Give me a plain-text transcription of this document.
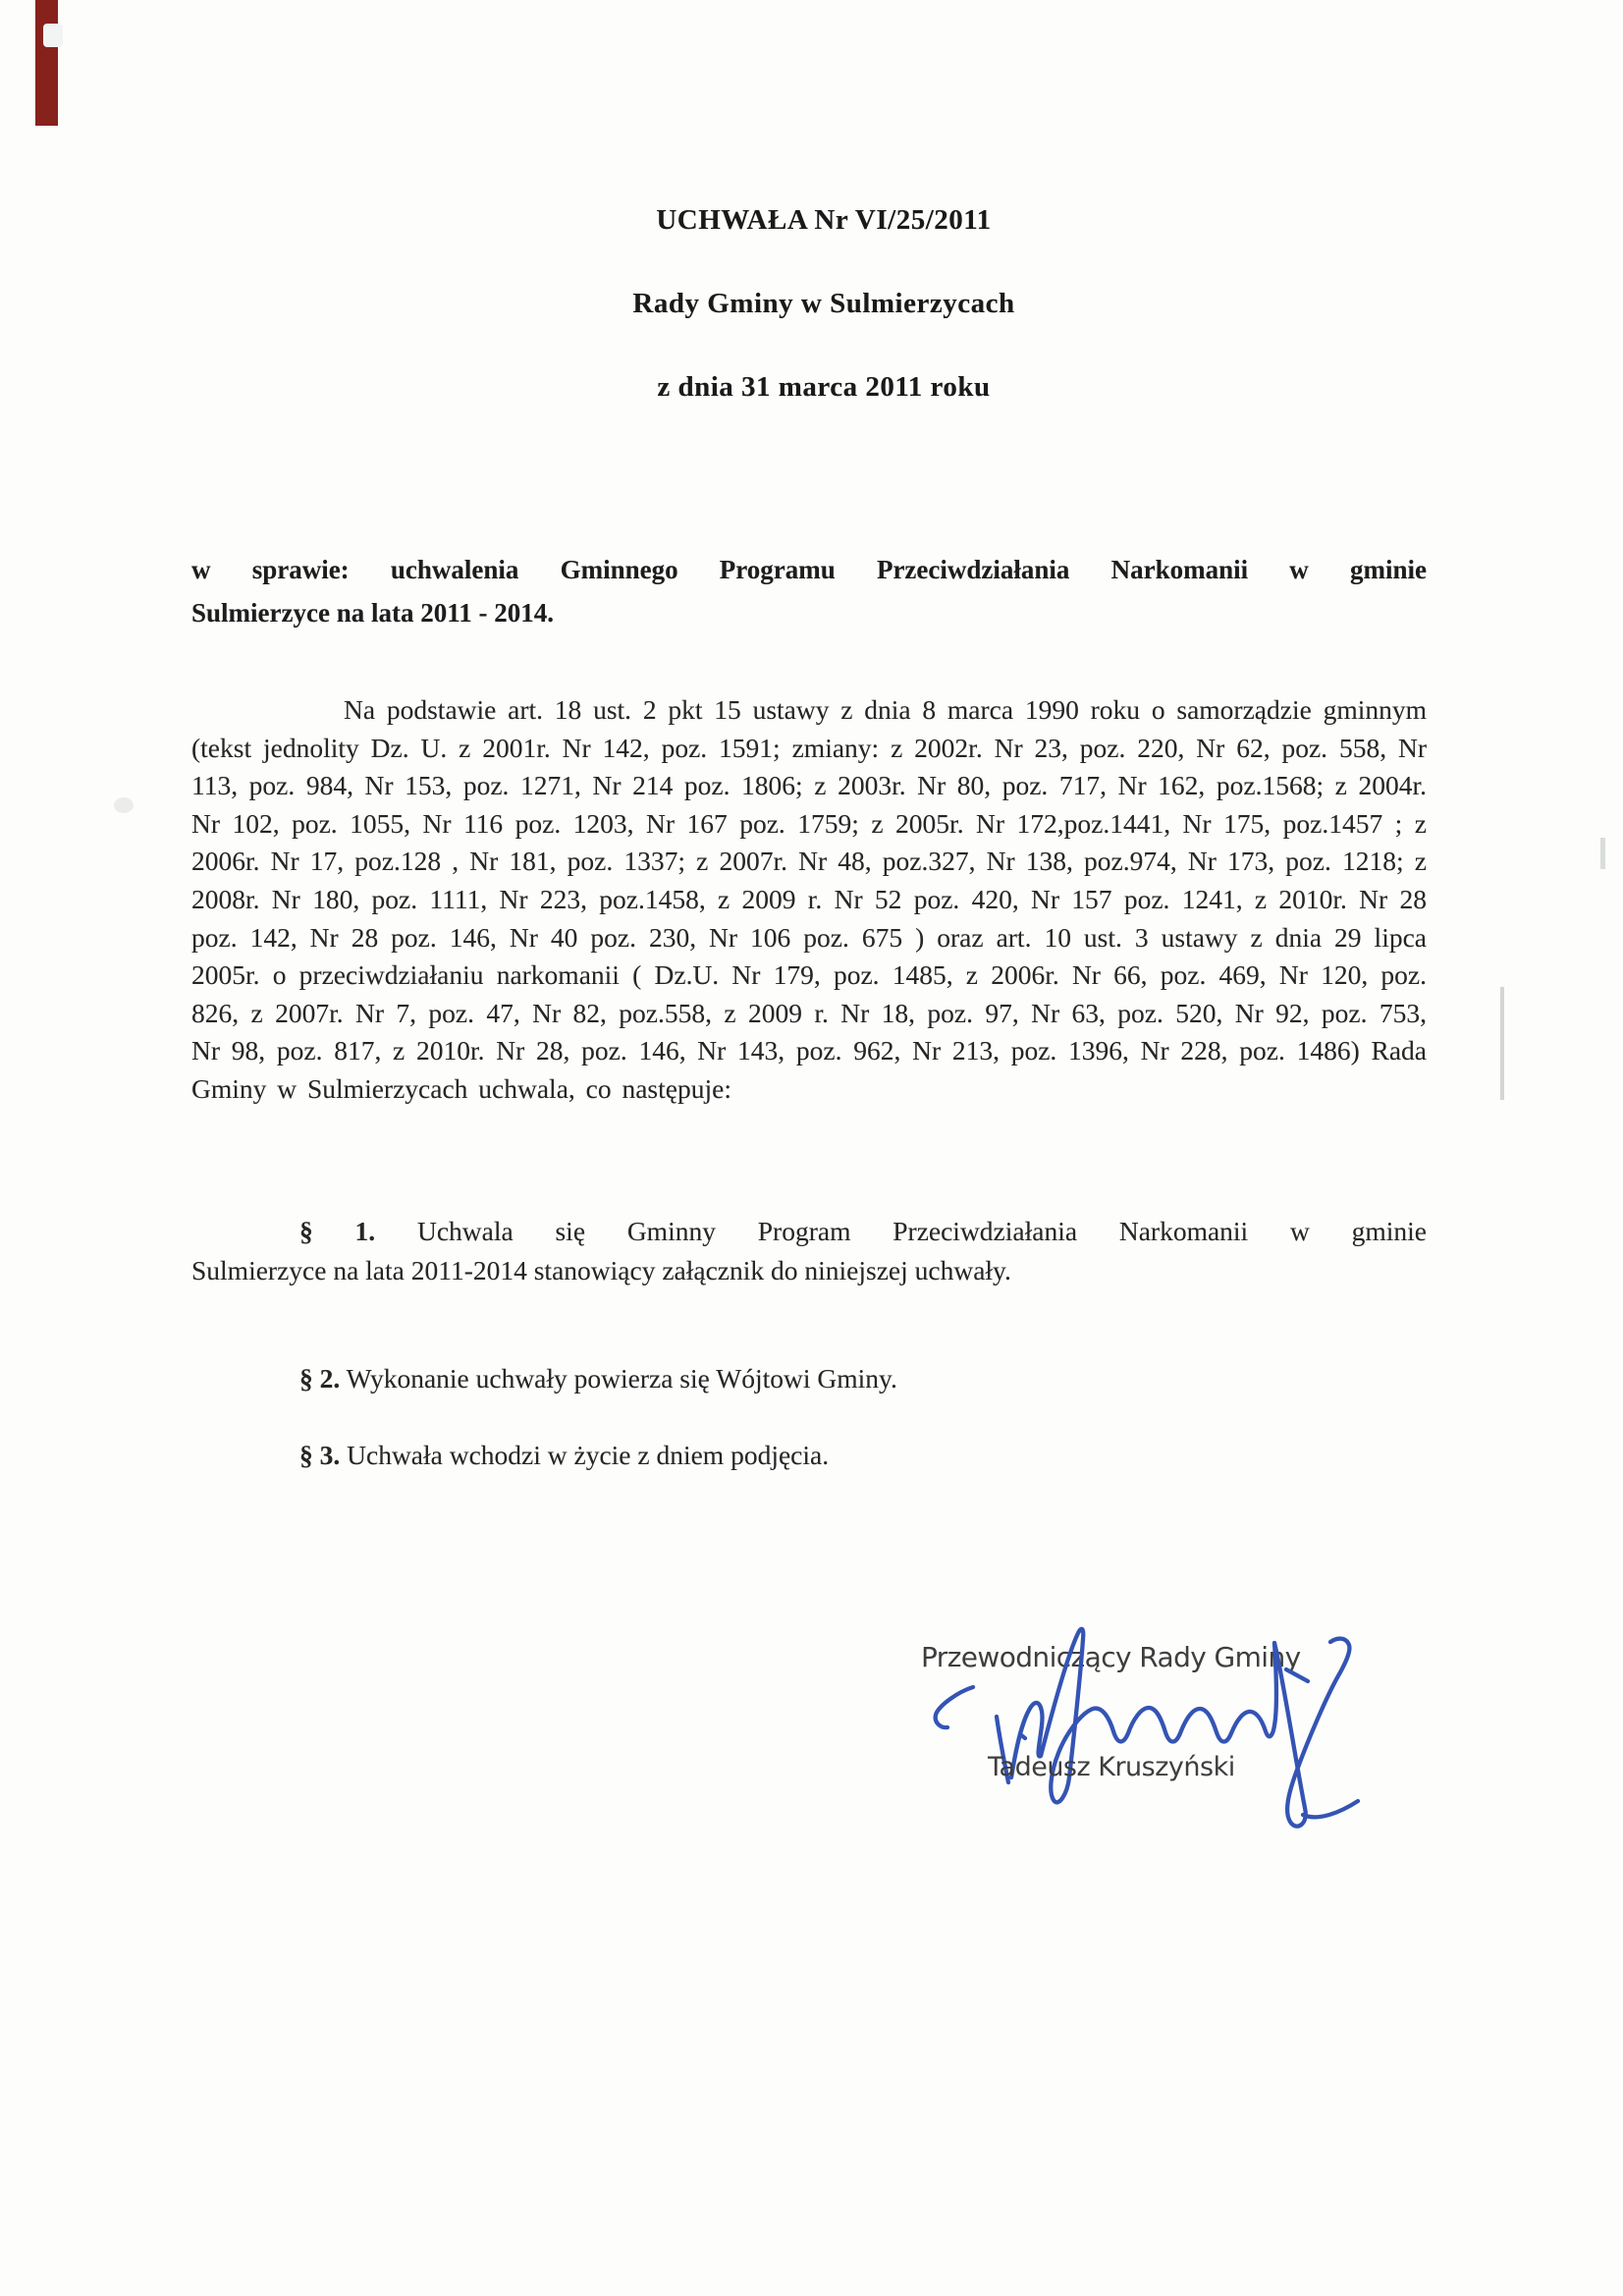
UCHWAŁA Nr VI/25/2011
Rady Gminy w Sulmierzycach
z dnia 31 marca 2011 roku
w sprawie: uchwalenia Gminnego Programu Przeciwdziałania Narkomanii w gminie
Sulmierzyce na lata 2011 - 2014.

Na podstawie art. 18 ust. 2 pkt 15 ustawy z dnia 8 marca 1990 roku o samorządzie gminnym (tekst jednolity Dz. U. z 2001r. Nr 142, poz. 1591; zmiany: z 2002r. Nr 23, poz. 220, Nr 62, poz. 558, Nr 113, poz. 984, Nr 153, poz. 1271, Nr 214 poz. 1806; z 2003r. Nr 80, poz. 717, Nr 162, poz.1568; z 2004r. Nr 102, poz. 1055, Nr 116 poz. 1203, Nr 167 poz. 1759; z 2005r. Nr 172,poz.1441, Nr 175, poz.1457 ; z 2006r. Nr 17, poz.128 , Nr 181, poz. 1337; z 2007r. Nr 48, poz.327, Nr 138, poz.974, Nr 173, poz. 1218; z 2008r. Nr 180, poz. 1111, Nr 223, poz.1458, z 2009 r. Nr 52 poz. 420, Nr 157 poz. 1241, z 2010r. Nr 28 poz. 142, Nr 28 poz. 146, Nr 40 poz. 230, Nr 106 poz. 675 ) oraz art. 10 ust. 3 ustawy z dnia 29 lipca 2005r. o przeciwdziałaniu narkomanii ( Dz.U. Nr 179, poz. 1485, z 2006r. Nr 66, poz. 469, Nr 120, poz. 826, z 2007r. Nr 7, poz. 47, Nr 82, poz.558, z 2009 r. Nr 18, poz. 97, Nr 63, poz. 520, Nr 92, poz. 753, Nr 98, poz. 817, z 2010r. Nr 28, poz. 146, Nr 143, poz. 962, Nr 213, poz. 1396, Nr 228, poz. 1486) Rada Gminy w Sulmierzycach uchwala, co następuje:

§ 1. Uchwala się Gminny Program Przeciwdziałania Narkomanii w gminie
Sulmierzyce na lata 2011-2014 stanowiący załącznik do niniejszej uchwały.
§ 2. Wykonanie uchwały powierza się Wójtowi Gminy.
§ 3. Uchwała wchodzi w życie z dniem podjęcia.
Przewodniczący Rady Gminy
Tadeusz Kruszyński
